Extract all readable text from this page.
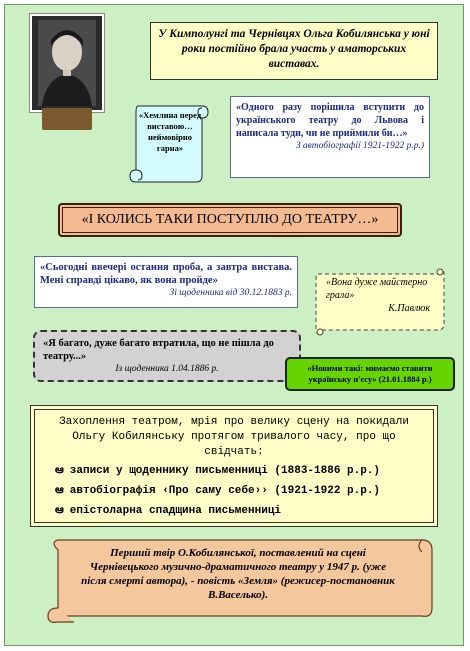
У Кимполунгі та Чернівцях Ольга Кобилянська у юні роки постійно брала участь у аматорських виставах.
«Хемлина перед виставою… неймовірно гарна»
«Одного разу порішила вступити до українського театру до Львова і написала туди, чи не приймили би…»
З автобіографії 1921-1922 р.р.)
«І КОЛИСЬ ТАКИ ПОСТУПЛЮ ДО ТЕАТРУ…»
«Сьогодні ввечері остання проба, а завтра вистава. Мені справді цікаво, як вона пройде»
Зі щоденника від 30.12.1883 р.
«Вона дуже майстерно грала»
К.Павлюк
«Я багато, дуже багато втратила, що не пішла до театру...»
Із щоденника 1.04.1886 р.	«Новими такі: мимаємо ставити українську п'єсу» (21.01.1884 р.)
Захоплення театром, мрія про велику сцену на покидали Ольгу Кобилянську протягом тривалого часу, про що свідчать:
ఆ записи у щоденнику письменниці (1883-1886 р.р.)
ఆ автобіографія ‹Про саму себе›› (1921-1922 р.р.)
ఆ епістоларна спадщина письменниці
Перший твір О.Кобилянської, поставлений на сцені Чернівецького музично-драматичного театру у 1947 р. (уже після смерті автора), - повість «Земля» (режисер-постановник В.Васелько).
